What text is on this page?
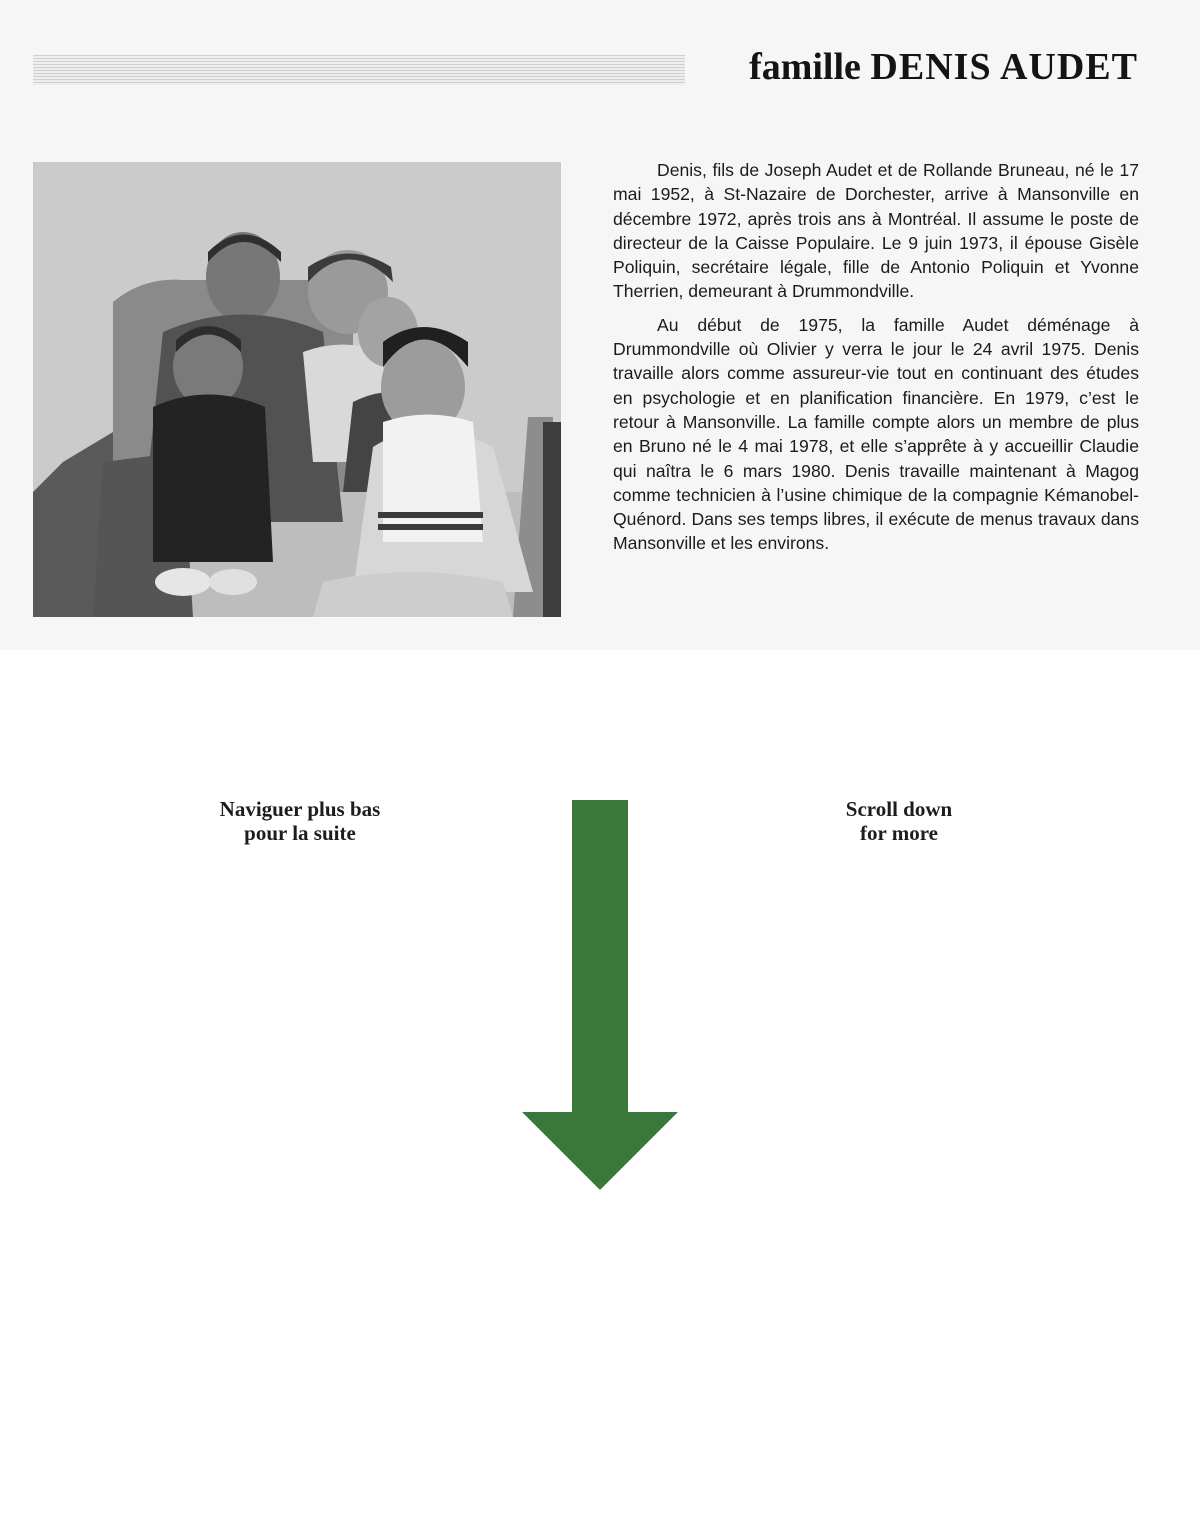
famille DENIS AUDET

Denis, fils de Joseph Audet et de Rollande Bruneau, né le 17 mai 1952, à St-Nazaire de Dorchester, arrive à Mansonville en décembre 1972, après trois ans à Montréal. Il assume le poste de directeur de la Caisse Populaire. Le 9 juin 1973, il épouse Gisèle Poliquin, secrétaire légale, fille de Antonio Poliquin et Yvonne Therrien, demeurant à Drummondville.

Au début de 1975, la famille Audet déménage à Drummondville où Olivier y verra le jour le 24 avril 1975. Denis travaille alors comme assureur-vie tout en continuant des études en psychologie et en planification financière. En 1979, c’est le retour à Mansonville. La famille compte alors un membre de plus en Bruno né le 4 mai 1978, et elle s’apprête à y accueillir Claudie qui naîtra le 6 mars 1980. Denis travaille maintenant à Magog comme technicien à l’usine chimique de la compagnie Kémanobel-Quénord. Dans ses temps libres, il exécute de menus travaux dans Mansonville et les environs.

Naviguer plus bas
pour la suite
Scroll down
for more
